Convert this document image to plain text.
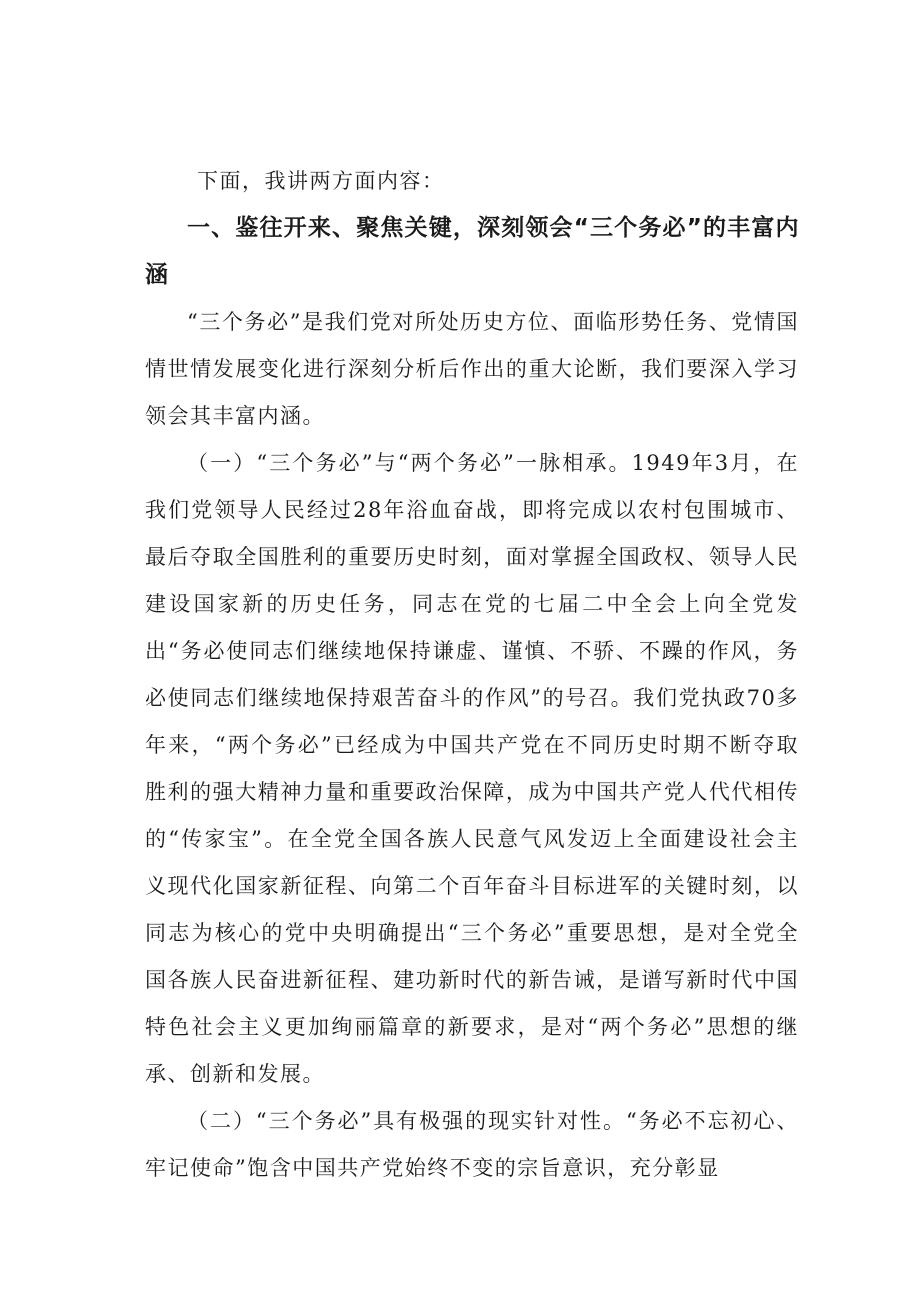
下面，我讲两方面内容：

一、鉴往开来、聚焦关键，深刻领会“三个务必”的丰富内涵

“三个务必”是我们党对所处历史方位、面临形势任务、党情国情世情发展变化进行深刻分析后作出的重大论断，我们要深入学习领会其丰富内涵。

（一）“三个务必”与“两个务必”一脉相承。1949年3月，在我们党领导人民经过28年浴血奋战，即将完成以农村包围城市、最后夺取全国胜利的重要历史时刻，面对掌握全国政权、领导人民建设国家新的历史任务，同志在党的七届二中全会上向全党发出“务必使同志们继续地保持谦虚、谨慎、不骄、不躁的作风，务必使同志们继续地保持艰苦奋斗的作风”的号召。我们党执政70多年来，“两个务必”已经成为中国共产党在不同历史时期不断夺取胜利的强大精神力量和重要政治保障，成为中国共产党人代代相传的“传家宝”。在全党全国各族人民意气风发迈上全面建设社会主义现代化国家新征程、向第二个百年奋斗目标进军的关键时刻，以同志为核心的党中央明确提出“三个务必”重要思想，是对全党全国各族人民奋进新征程、建功新时代的新告诫，是谱写新时代中国特色社会主义更加绚丽篇章的新要求，是对“两个务必”思想的继承、创新和发展。

（二）“三个务必”具有极强的现实针对性。“务必不忘初心、牢记使命”饱含中国共产党始终不变的宗旨意识，充分彰显
